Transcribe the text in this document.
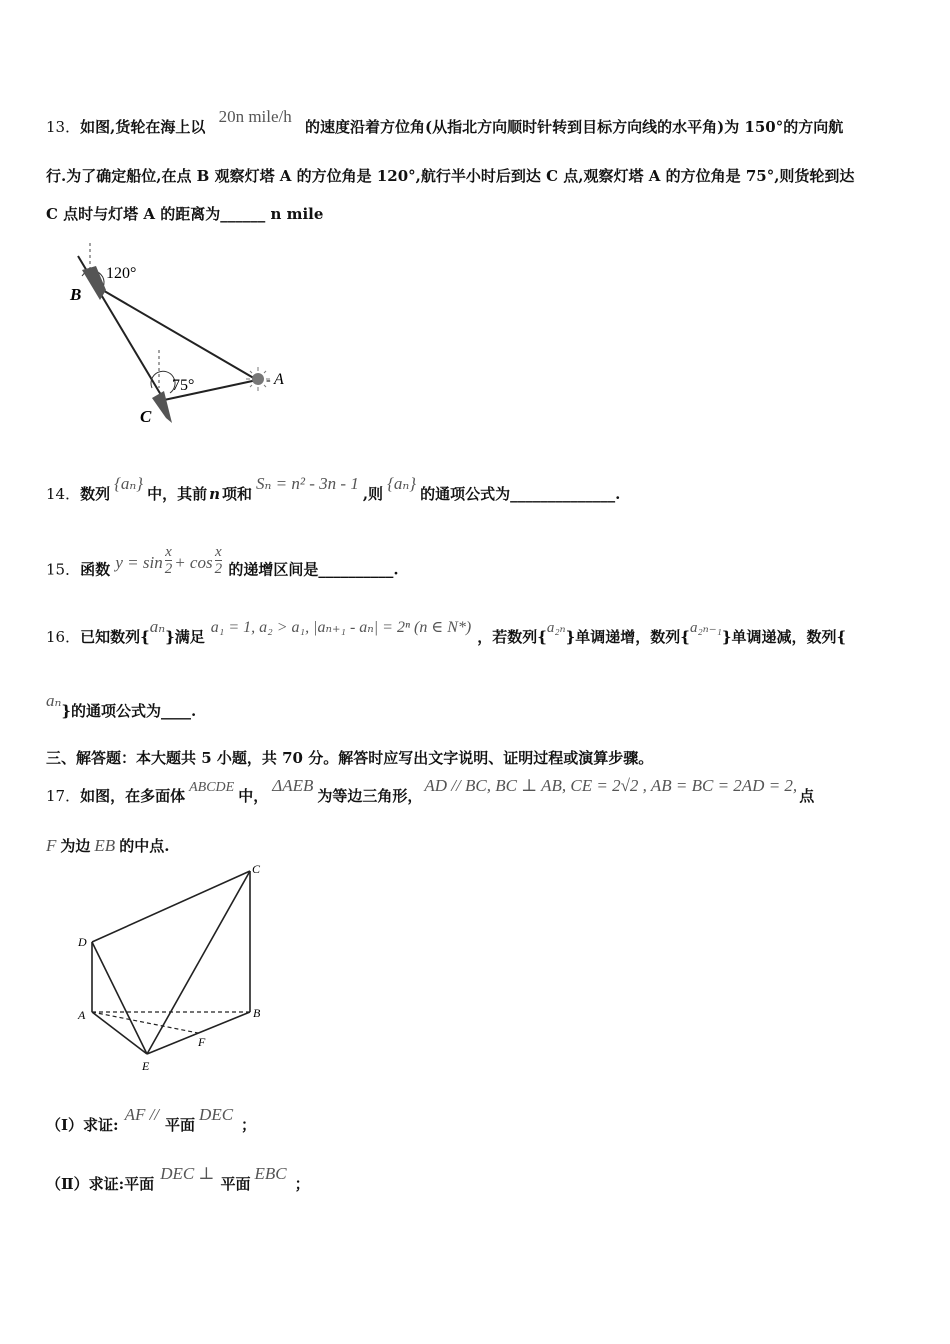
13．如图,货轮在海上以 20n mile/h 的速度沿着方位角(从指北方向顺时针转到目标方向线的水平角)为 150°的方向航
行.为了确定船位,在点 B 观察灯塔 A 的方位角是 120°,航行半小时后到达 C 点,观察灯塔 A 的方位角是 75°,则货轮到达
C 点时与灯塔 A 的距离为______ n mile
120°
75°
B
C
A
-
14．数列{aₙ}中，其前 n 项和Sₙ = n² - 3n - 1,则{aₙ}的通项公式为______________.
15．函数 $y = \sin \frac{x}{2} + \cos \frac{x}{2}$ 的递增区间是__________.
16．已知数列{aₙ}满足a₁ = 1, a₂ > a₁, |aₙ₊₁ - aₙ| = 2ⁿ (n ∈ N*)，若数列{a₂ₙ}单调递增，数列{a₂ₙ₋₁}单调递减，数列{
aₙ}的通项公式为____.
三、解答题：本大题共 5 小题，共 70 分。解答时应写出文字说明、证明过程或演算步骤。
17．如图，在多面体 ABCDE 中，ΔAEB为等边三角形，AD // BC, BC ⊥ AB, CE = 2√2 , AB = BC = 2AD = 2,点
F 为边 EB 的中点.
C
D
A	B
F
E
（Ⅰ）求证:AF //平面DEC；
（Ⅱ）求证:平面DEC ⊥平面EBC；
